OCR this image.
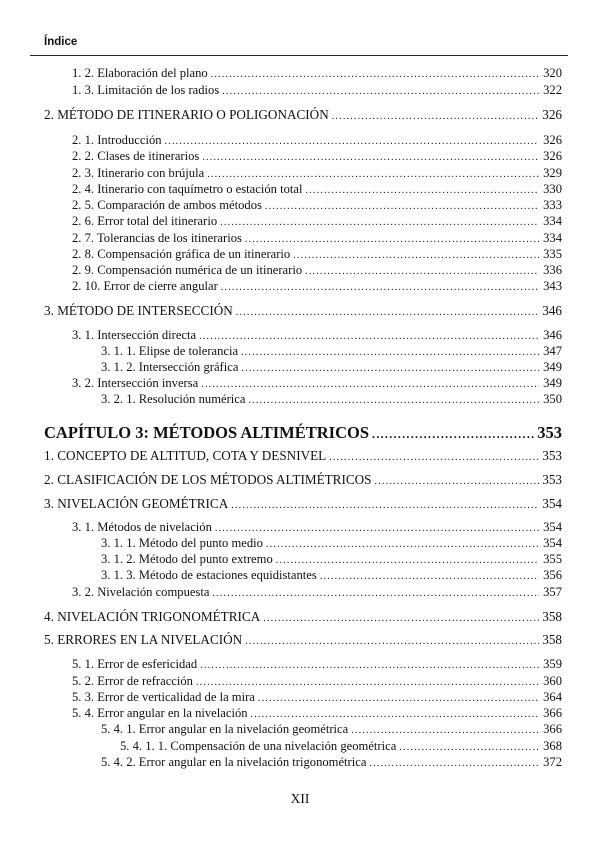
Índice
1. 2. Elaboración del plano .....	320
1. 3. Limitación de los radios .....	322
2. MÉTODO DE ITINERARIO O POLIGONACIÓN .....	326
2. 1. Introducción .....	326
2. 2. Clases de itinerarios .....	326
2. 3. Itinerario con brújula .....	329
2. 4. Itinerario con taquímetro o estación total .....	330
2. 5. Comparación de ambos métodos .....	333
2. 6. Error total del itinerario .....	334
2. 7. Tolerancias de los itinerarios .....	334
2. 8. Compensación gráfica de un itinerario .....	335
2. 9. Compensación numérica de un itinerario .....	336
2. 10. Error de cierre angular .....	343
3. MÉTODO DE INTERSECCIÓN .....	346
3. 1. Intersección directa .....	346
3. 1. 1. Elipse de tolerancia .....	347
3. 1. 2. Intersección gráfica .....	349
3. 2. Intersección inversa .....	349
3. 2. 1. Resolución numérica .....	350
CAPÍTULO 3: MÉTODOS ALTIMÉTRICOS .....	353
1. CONCEPTO DE ALTITUD, COTA Y DESNIVEL .....	353
2. CLASIFICACIÓN DE LOS MÉTODOS ALTIMÉTRICOS .....	353
3. NIVELACIÓN GEOMÉTRICA .....	354
3. 1. Métodos de nivelación .....	354
3. 1. 1. Método del punto medio .....	354
3. 1. 2. Método del punto extremo .....	355
3. 1. 3. Método de estaciones equidistantes .....	356
3. 2. Nivelación compuesta .....	357
4. NIVELACIÓN TRIGONOMÉTRICA .....	358
5. ERRORES EN LA NIVELACIÓN .....	358
5. 1. Error de esfericidad .....	359
5. 2. Error de refracción .....	360
5. 3. Error de verticalidad de la mira .....	364
5. 4. Error angular en la nivelación .....	366
5. 4. 1. Error angular en la nivelación geométrica .....	366
5. 4. 1. 1. Compensación de una nivelación geométrica .....	368
5. 4. 2. Error angular en la nivelación trigonométrica .....	372
XII
